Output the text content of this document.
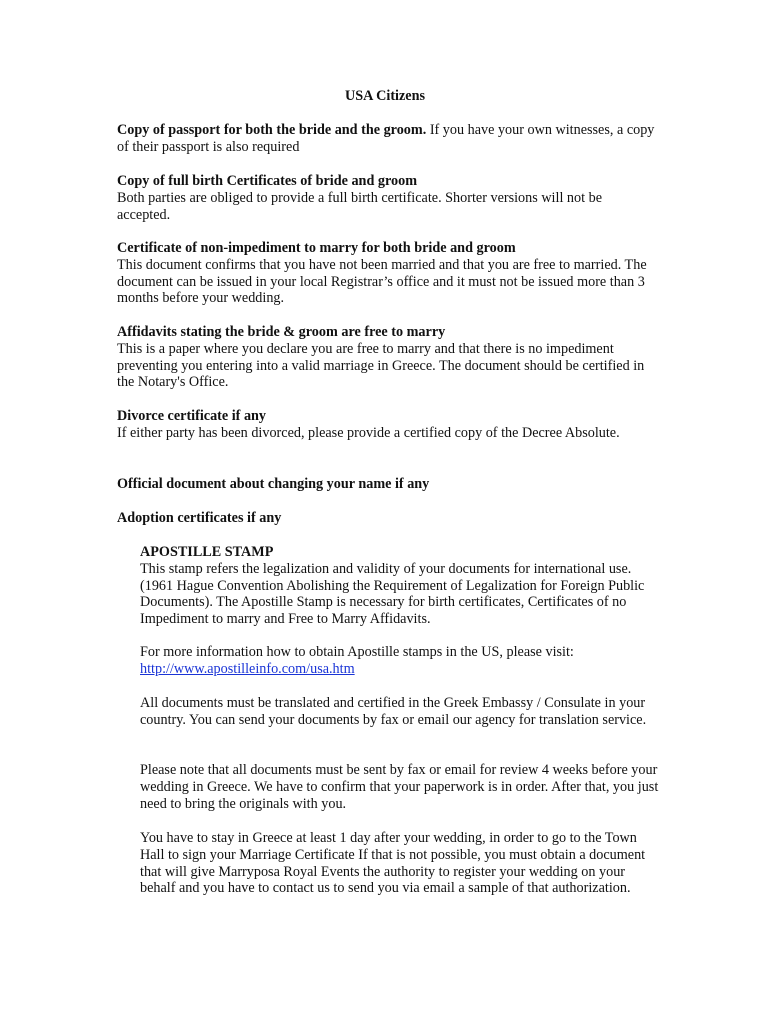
USA Citizens

Copy of passport for both the bride and the groom. If you have your own witnesses, a copy of their passport is also required

Copy of full birth Certificates of bride and groom

Both parties are obliged to provide a full birth certificate. Shorter versions will not be accepted.

Certificate of non-impediment to marry for both bride and groom

This document confirms that you have not been married and that you are free to married. The document can be issued in your local Registrar’s office and it must not be issued more than 3 months before your wedding.

Affidavits stating the bride & groom are free to marry

This is a paper where you declare you are free to marry and that there is no impediment preventing you entering into a valid marriage in Greece. The document should be certified in the Notary's Office.

Divorce certificate if any

If either party has been divorced, please provide a certified copy of the Decree Absolute.

Official document about changing your name if any

Adoption certificates if any

APOSTILLE STAMP

This stamp refers the legalization and validity of your documents for international use. (1961 Hague Convention Abolishing the Requirement of Legalization for Foreign Public Documents). The Apostille Stamp is necessary for birth certificates, Certificates of no Impediment to marry and Free to Marry Affidavits.

For more information how to obtain Apostille stamps in the US, please visit:

http://www.apostilleinfo.com/usa.htm

All documents must be translated and certified in the Greek Embassy / Consulate in your country. You can send your documents by fax or email our agency for translation service.

Please note that all documents must be sent by fax or email for review 4 weeks before your wedding in Greece. We have to confirm that your paperwork is in order. After that, you just need to bring the originals with you.

You have to stay in Greece at least 1 day after your wedding, in order to go to the Town Hall to sign your Marriage Certificate If that is not possible, you must obtain a document that will give Marryposa Royal Events the authority to register your wedding on your behalf and you have to contact us to send you via email a sample of that authorization.
